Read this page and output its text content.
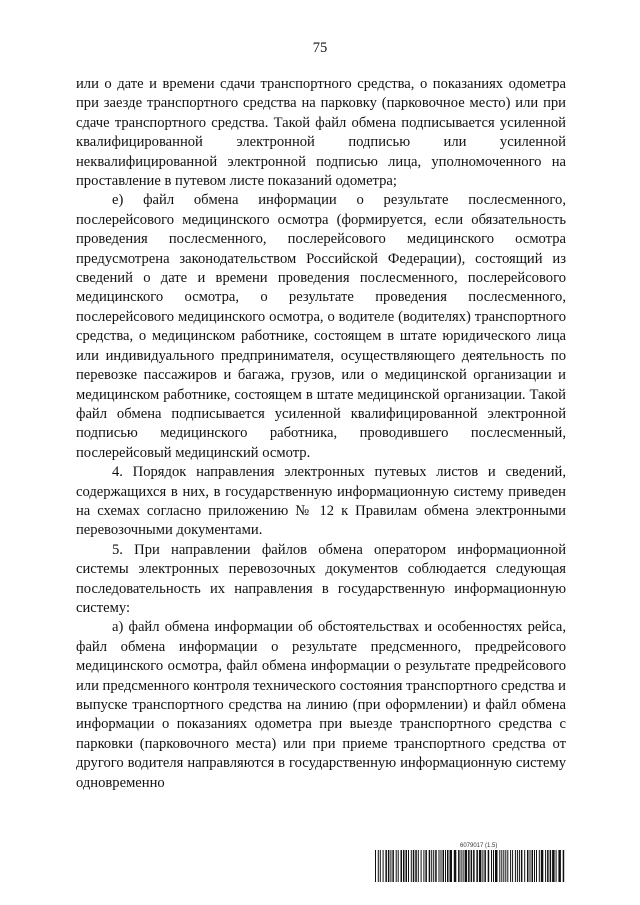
75

или о дате и времени сдачи транспортного средства, о показаниях одометра при заезде транспортного средства на парковку (парковочное место) или при сдаче транспортного средства. Такой файл обмена подписывается усиленной квалифицированной электронной подписью или усиленной неквалифицированной электронной подписью лица, уполномоченного на проставление в путевом листе показаний одометра;

е) файл обмена информации о результате послесменного, послерейсового медицинского осмотра (формируется, если обязательность проведения послесменного, послерейсового медицинского осмотра предусмотрена законодательством Российской Федерации), состоящий из сведений о дате и времени проведения послесменного, послерейсового медицинского осмотра, о результате проведения послесменного, послерейсового медицинского осмотра, о водителе (водителях) транспортного средства, о медицинском работнике, состоящем в штате юридического лица или индивидуального предпринимателя, осуществляющего деятельность по перевозке пассажиров и багажа, грузов, или о медицинской организации и медицинском работнике, состоящем в штате медицинской организации. Такой файл обмена подписывается усиленной квалифицированной электронной подписью медицинского работника, проводившего послесменный, послерейсовый медицинский осмотр.

4. Порядок направления электронных путевых листов и сведений, содержащихся в них, в государственную информационную систему приведен на схемах согласно приложению № 12 к Правилам обмена электронными перевозочными документами.

5. При направлении файлов обмена оператором информационной системы электронных перевозочных документов соблюдается следующая последовательность их направления в государственную информационную систему:

а) файл обмена информации об обстоятельствах и особенностях рейса, файл обмена информации о результате предсменного, предрейсового медицинского осмотра, файл обмена информации о результате предрейсового или предсменного контроля технического состояния транспортного средства и выпуске транспортного средства на линию (при оформлении) и файл обмена информации о показаниях одометра при выезде транспортного средства с парковки (парковочного места) или при приеме транспортного средства от другого водителя направляются в государственную информационную систему одновременно

6079017 (1.5)
